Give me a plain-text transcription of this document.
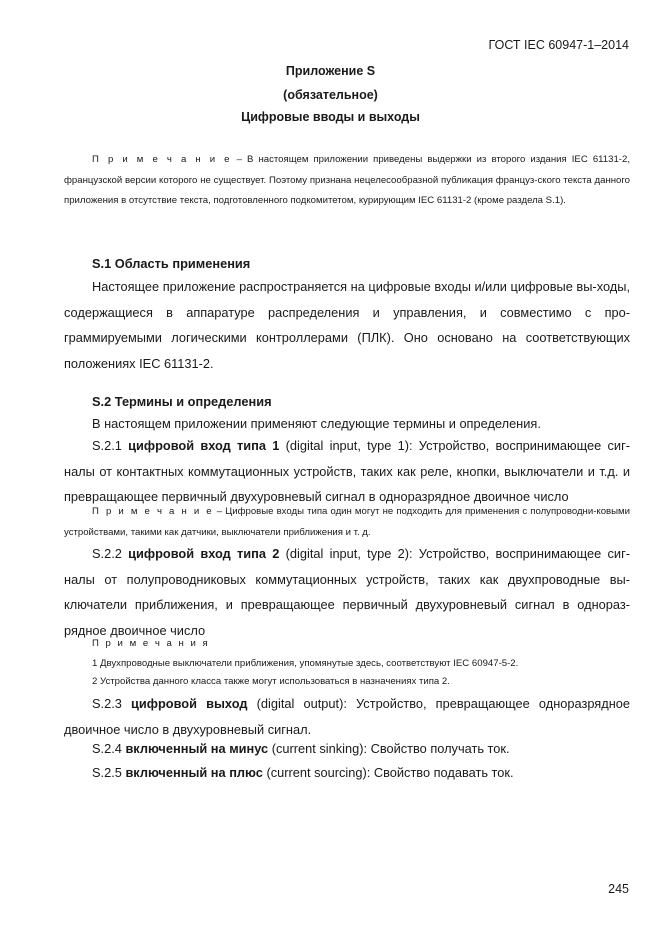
ГОСТ IEC 60947-1–2014
Приложение S
(обязательное)
Цифровые вводы и выходы
П р и м е ч а н и е – В настоящем приложении приведены выдержки из второго издания IEC 61131-2, французской версии которого не существует. Поэтому признана нецелесообразной публикация француз-ского текста данного приложения в отсутствие текста, подготовленного подкомитетом, курирующим IEC 61131-2 (кроме раздела S.1).
S.1 Область применения
Настоящее приложение распространяется на цифровые входы и/или цифровые вы-ходы, содержащиеся в аппаратуре распределения и управления, и совместимо с про-граммируемыми логическими контроллерами (ПЛК). Оно основано на соответствующих положениях IEC 61131-2.
S.2 Термины и определения
В настоящем приложении применяют следующие термины и определения.
S.2.1 цифровой вход типа 1 (digital input, type 1): Устройство, воспринимающее сиг-налы от контактных коммутационных устройств, таких как реле, кнопки, выключатели и т.д. и превращающее первичный двухуровневый сигнал в одноразрядное двоичное число
П р и м е ч а н и е – Цифровые входы типа один могут не подходить для применения с полупроводни-ковыми устройствами, такими как датчики, выключатели приближения и т. д.
S.2.2 цифровой вход типа 2 (digital input, type 2): Устройство, воспринимающее сиг-налы от полупроводниковых коммутационных устройств, таких как двухпроводные вы-ключатели приближения, и превращающее первичный двухуровневый сигнал в однораз-рядное двоичное число
П р и м е ч а н и я
1 Двухпроводные выключатели приближения, упомянутые здесь, соответствуют IEC 60947-5-2.
2 Устройства данного класса также могут использоваться в назначениях типа 2.
S.2.3 цифровой выход (digital output): Устройство, превращающее одноразрядное двоичное число в двухуровневый сигнал.
S.2.4 включенный на минус (current sinking): Свойство получать ток.
S.2.5 включенный на плюс (current sourcing): Свойство подавать ток.
245
